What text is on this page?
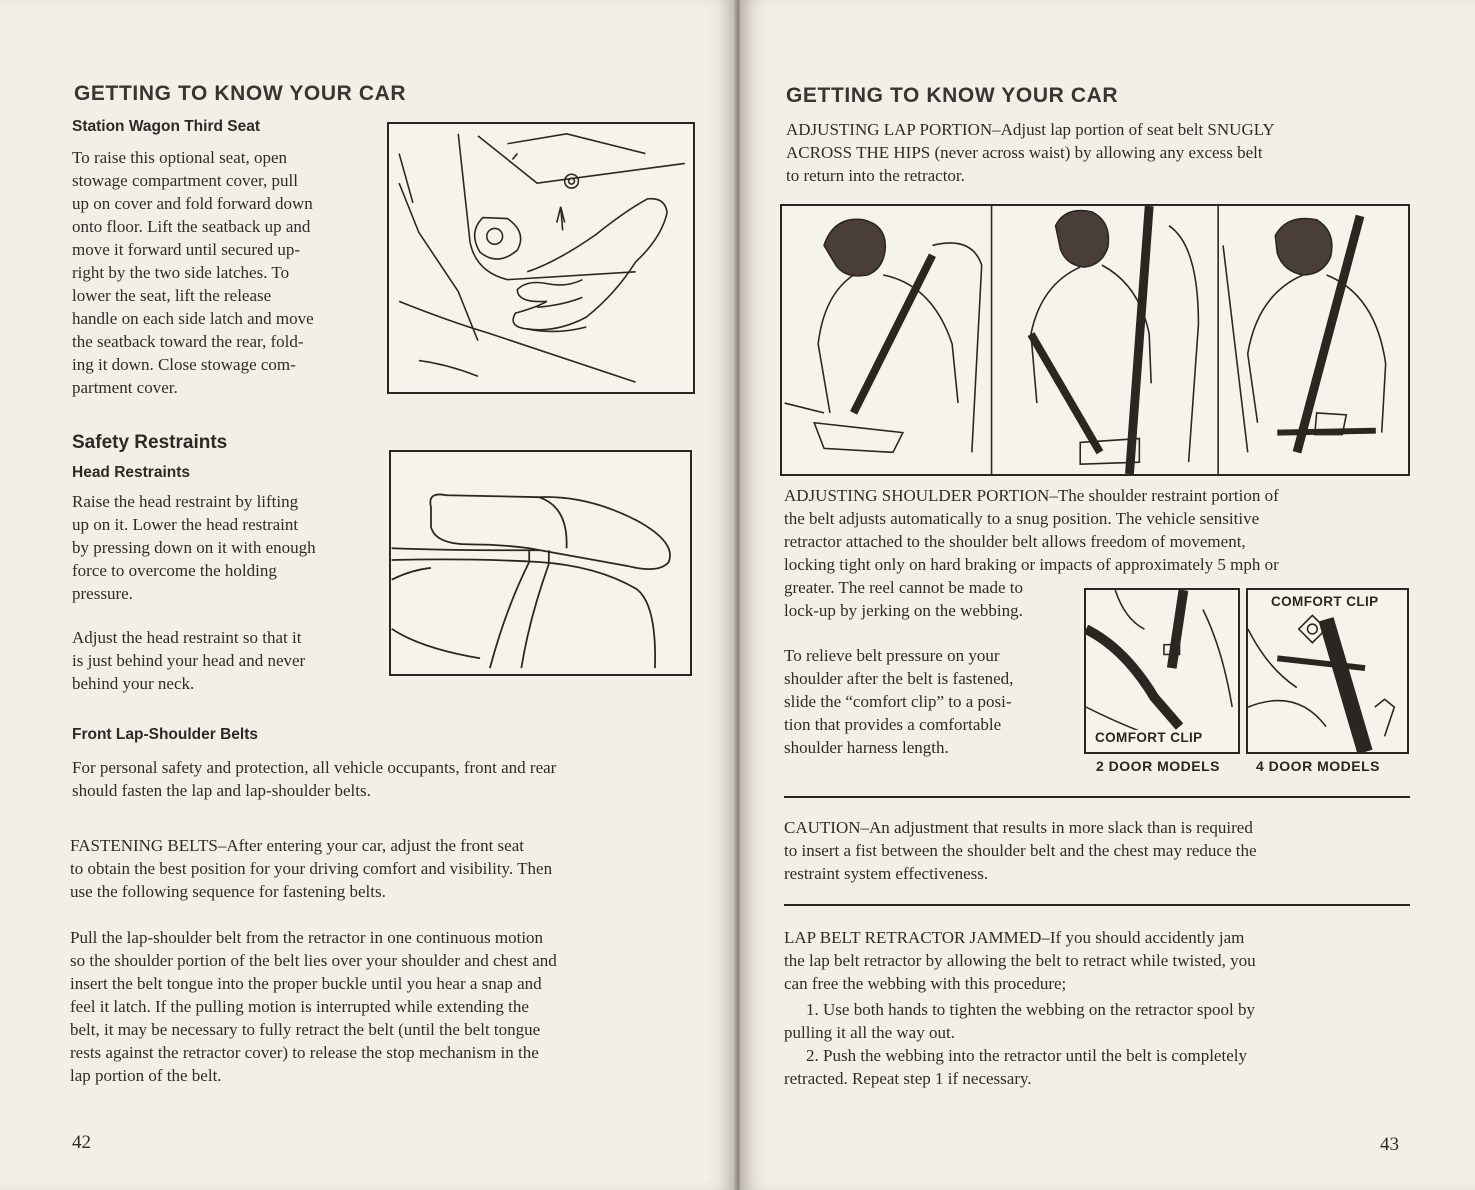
GETTING TO KNOW YOUR CAR
Station Wagon Third Seat

To raise this optional seat, open

stowage compartment cover, pull

up on cover and fold forward down

onto floor. Lift the seatback up and

move it forward until secured up-

right by the two side latches. To

lower the seat, lift the release

handle on each side latch and move

the seatback toward the rear, fold-

ing it down. Close stowage com-

partment cover.

Safety Restraints
Head Restraints

Raise the head restraint by lifting

up on it. Lower the head restraint

by pressing down on it with enough

force to overcome the holding

pressure.

Adjust the head restraint so that it

is just behind your head and never

behind your neck.

Front Lap-Shoulder Belts

For personal safety and protection, all vehicle occupants, front and rear

should fasten the lap and lap-shoulder belts.

FASTENING BELTS–After entering your car, adjust the front seat

to obtain the best position for your driving comfort and visibility. Then

use the following sequence for fastening belts.

Pull the lap-shoulder belt from the retractor in one continuous motion

so the shoulder portion of the belt lies over your shoulder and chest and

insert the belt tongue into the proper buckle until you hear a snap and

feel it latch. If the pulling motion is interrupted while extending the

belt, it may be necessary to fully retract the belt (until the belt tongue

rests against the retractor cover) to release the stop mechanism in the

lap portion of the belt.

42
GETTING TO KNOW YOUR CAR

ADJUSTING LAP PORTION–Adjust lap portion of seat belt SNUGLY

ACROSS THE HIPS (never across waist) by allowing any excess belt

to return into the retractor.

ADJUSTING SHOULDER PORTION–The shoulder restraint portion of

the belt adjusts automatically to a snug position. The vehicle sensitive

retractor attached to the shoulder belt allows freedom of movement,

locking tight only on hard braking or impacts of approximately 5 mph or

greater. The reel cannot be made to

lock-up by jerking on the webbing.

To relieve belt pressure on your

shoulder after the belt is fastened,

slide the “comfort clip” to a posi-

tion that provides a comfortable

shoulder harness length.

COMFORT CLIP
COMFORT CLIP
2 DOOR MODELS	4 DOOR MODELS

CAUTION–An adjustment that results in more slack than is required

to insert a fist between the shoulder belt and the chest may reduce the

restraint system effectiveness.

LAP BELT RETRACTOR JAMMED–If you should accidently jam

the lap belt retractor by allowing the belt to retract while twisted, you

can free the webbing with this procedure;

1. Use both hands to tighten the webbing on the retractor spool by

pulling it all the way out.

2. Push the webbing into the retractor until the belt is completely

retracted. Repeat step 1 if necessary.

43
